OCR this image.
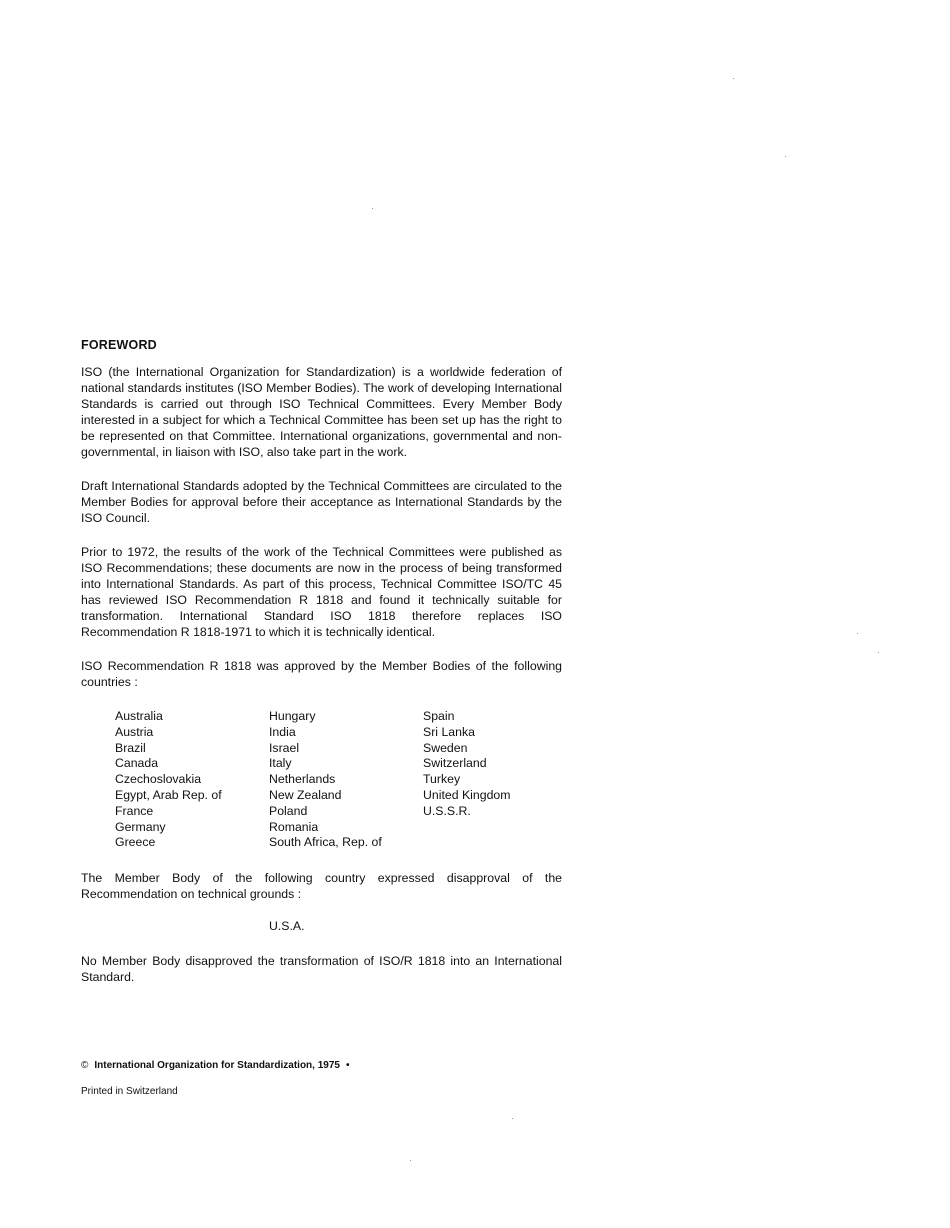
FOREWORD
ISO (the International Organization for Standardization) is a worldwide federation of national standards institutes (ISO Member Bodies). The work of developing International Standards is carried out through ISO Technical Committees. Every Member Body interested in a subject for which a Technical Committee has been set up has the right to be represented on that Committee. International organizations, governmental and non-governmental, in liaison with ISO, also take part in the work.
Draft International Standards adopted by the Technical Committees are circulated to the Member Bodies for approval before their acceptance as International Standards by the ISO Council.
Prior to 1972, the results of the work of the Technical Committees were published as ISO Recommendations; these documents are now in the process of being transformed into International Standards. As part of this process, Technical Committee ISO/TC 45 has reviewed ISO Recommendation R 1818 and found it technically suitable for transformation. International Standard ISO 1818 therefore replaces ISO Recommendation R 1818-1971 to which it is technically identical.
ISO Recommendation R 1818 was approved by the Member Bodies of the following countries :
Australia
Austria
Brazil
Canada
Czechoslovakia
Egypt, Arab Rep. of
France
Germany
Greece
Hungary
India
Israel
Italy
Netherlands
New Zealand
Poland
Romania
South Africa, Rep. of
Spain
Sri Lanka
Sweden
Switzerland
Turkey
United Kingdom
U.S.S.R.
The Member Body of the following country expressed disapproval of the Recommendation on technical grounds :
U.S.A.
No Member Body disapproved the transformation of ISO/R 1818 into an International Standard.
© International Organization for Standardization, 1975 •
Printed in Switzerland
